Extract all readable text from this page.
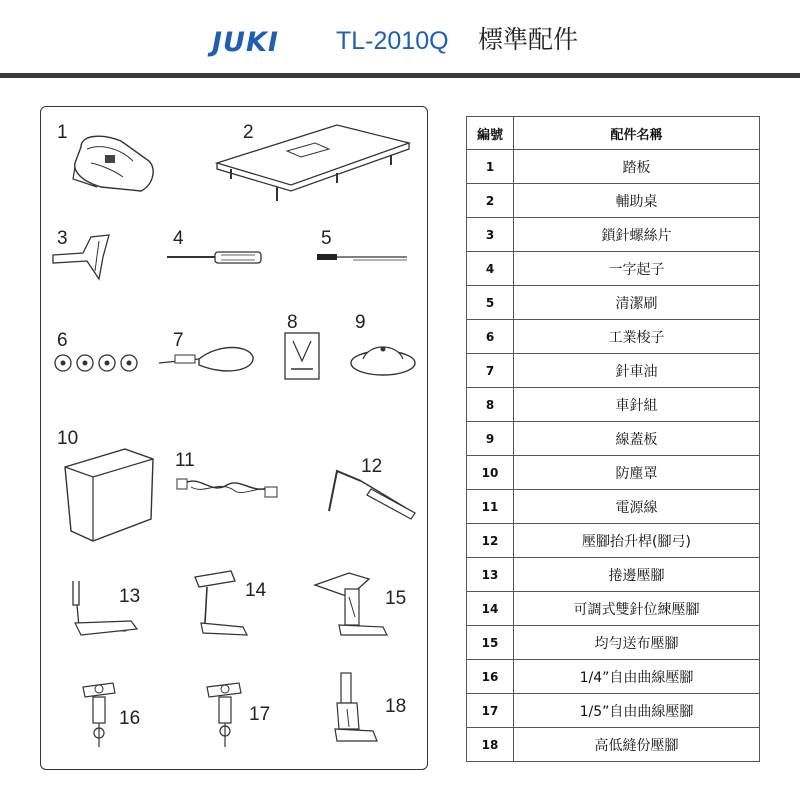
JUKI TL-2010Q 標準配件
1	2
3	4	5
6	7
8	9
10
11	12
13	14	15
16	17	18
編號	配件名稱
1	踏板
2	輔助桌
3	鎖針螺絲片
4	一字起子
5	清潔刷
6	工業梭子
7	針車油
8	車針組
9	線蓋板
10	防塵罩
11	電源線
12	壓腳抬升桿(腳弓)
13	捲邊壓腳
14	可調式雙針位練壓腳
15	均勻送布壓腳
16	1/4”自由曲線壓腳
17	1/5”自由曲線壓腳
18	高低縫份壓腳
